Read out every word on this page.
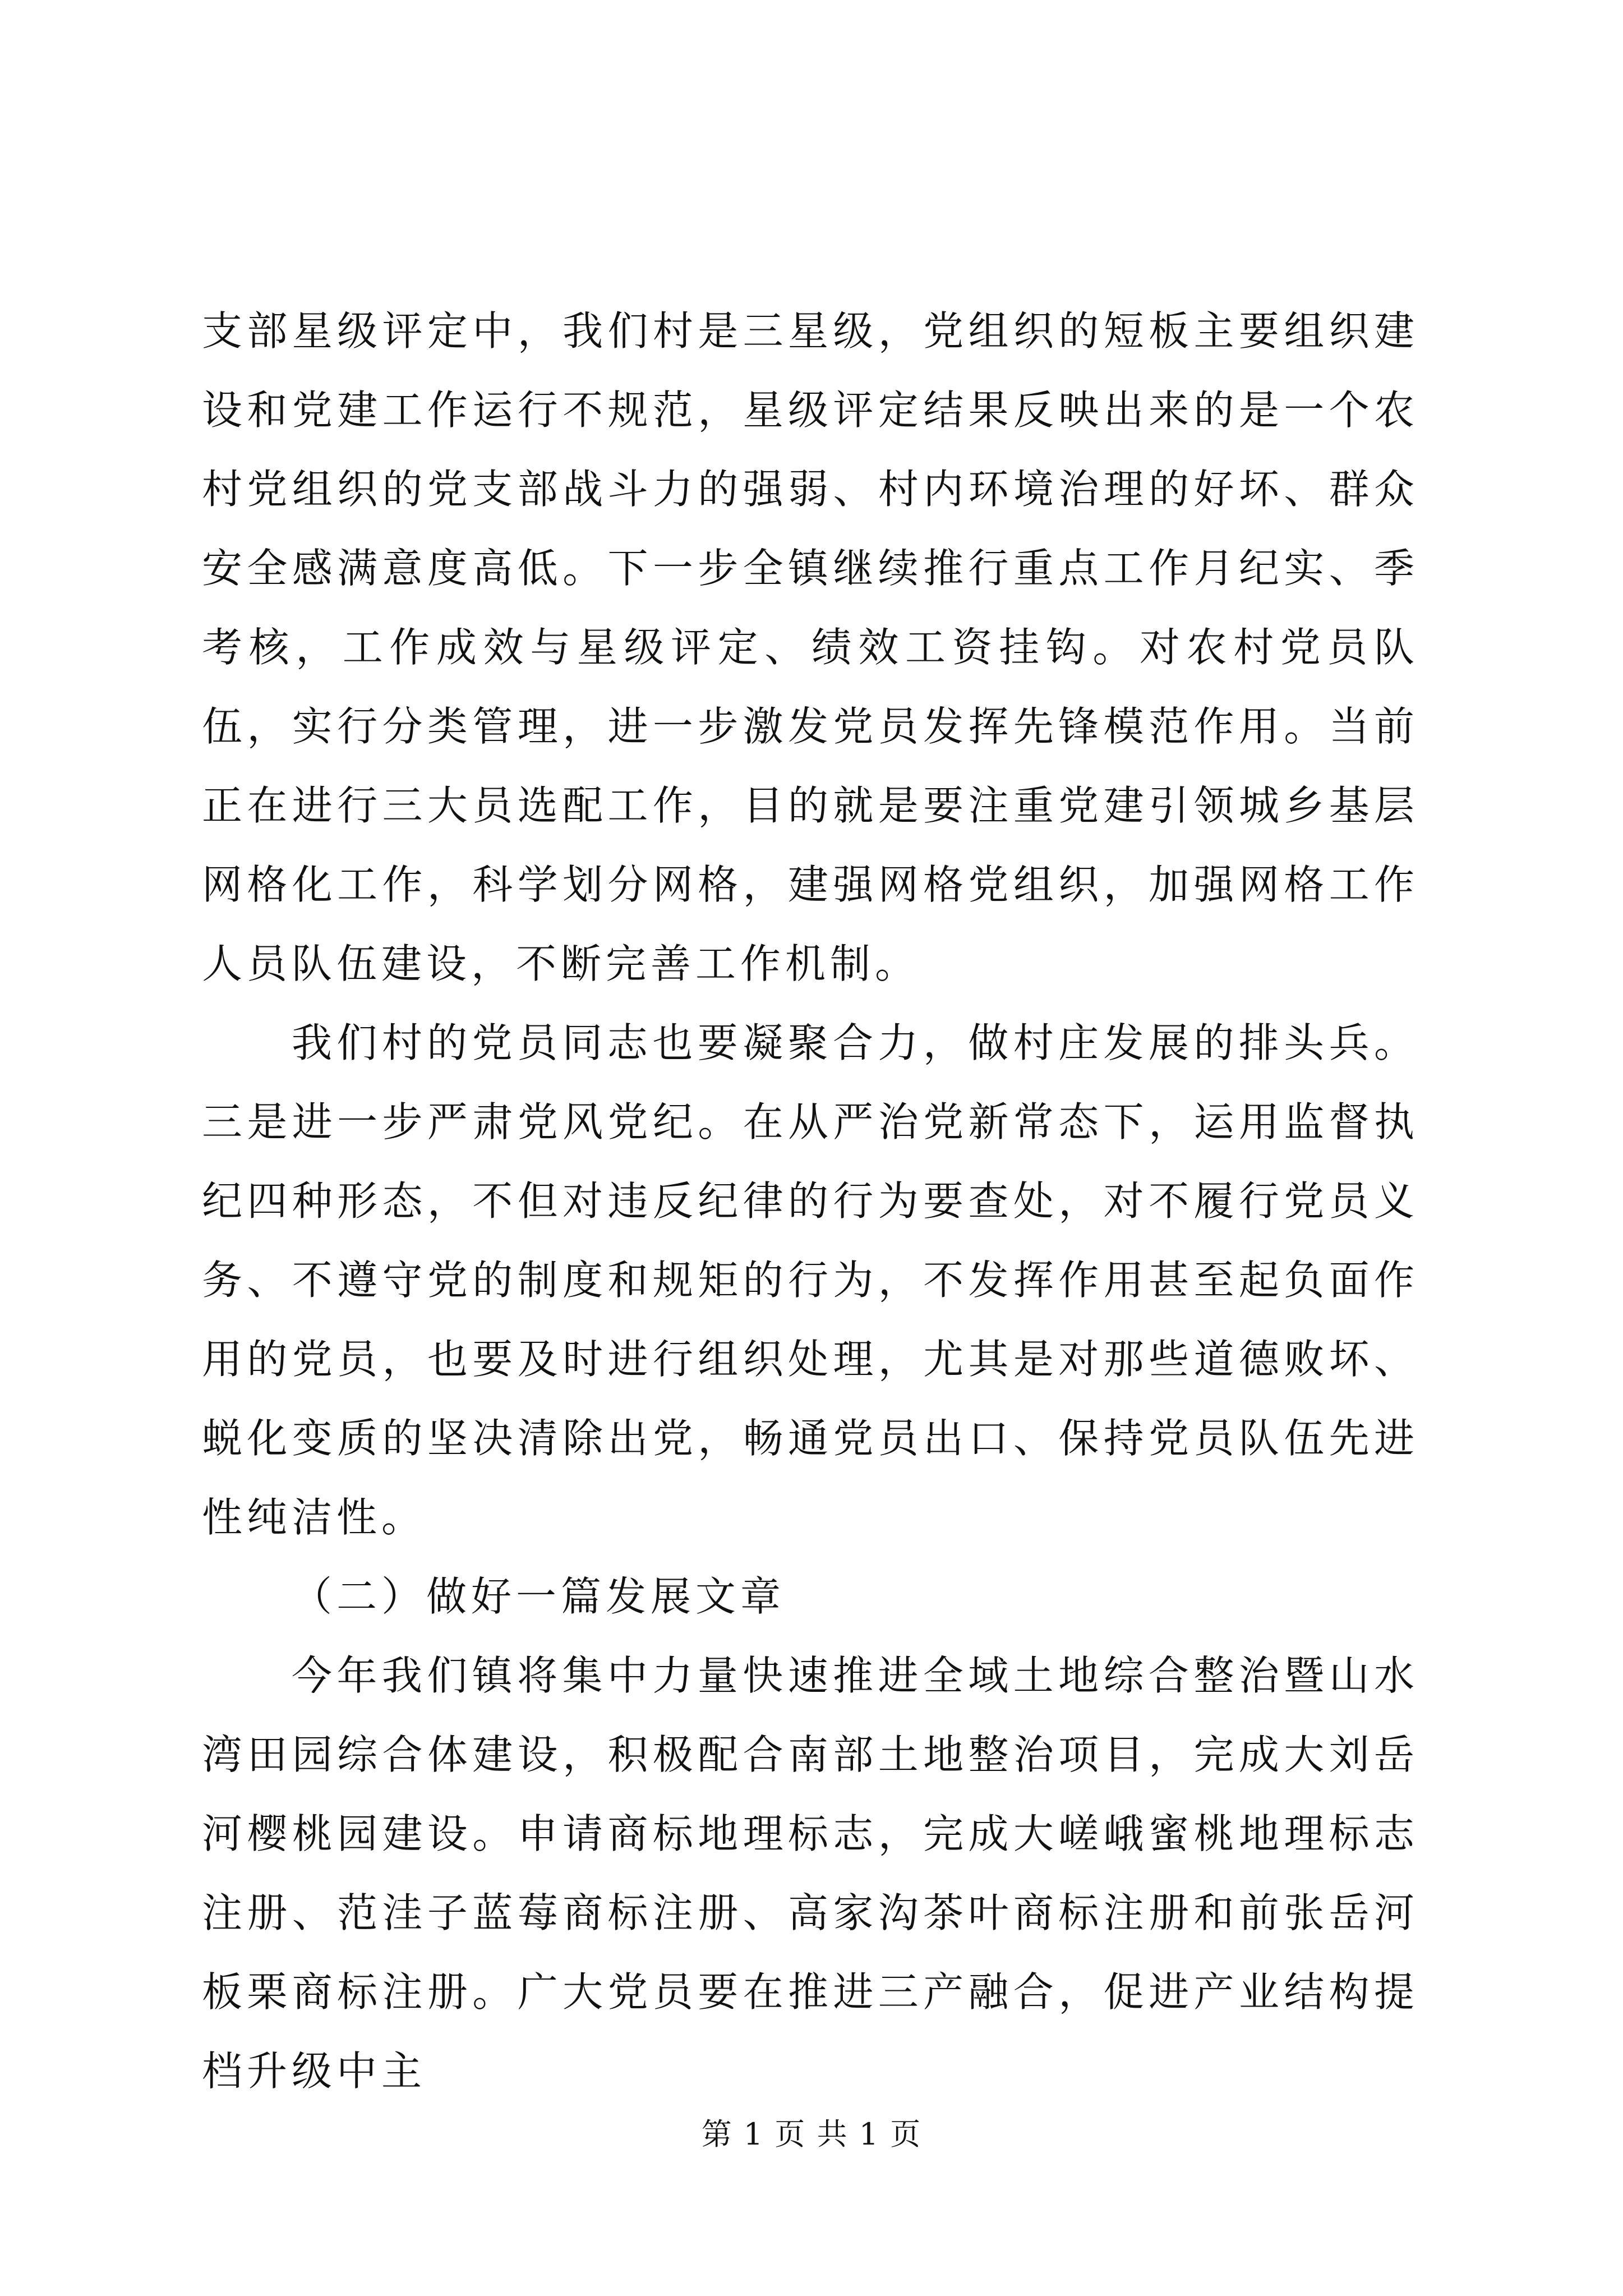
支部星级评定中，我们村是三星级，党组织的短板主要组织建设和党建工作运行不规范，星级评定结果反映出来的是一个农村党组织的党支部战斗力的强弱、村内环境治理的好坏、群众安全感满意度高低。下一步全镇继续推行重点工作月纪实、季考核，工作成效与星级评定、绩效工资挂钩。对农村党员队伍，实行分类管理，进一步激发党员发挥先锋模范作用。当前正在进行三大员选配工作，目的就是要注重党建引领城乡基层网格化工作，科学划分网格，建强网格党组织，加强网格工作人员队伍建设，不断完善工作机制。

我们村的党员同志也要凝聚合力，做村庄发展的排头兵。三是进一步严肃党风党纪。在从严治党新常态下，运用监督执纪四种形态，不但对违反纪律的行为要查处，对不履行党员义务、不遵守党的制度和规矩的行为，不发挥作用甚至起负面作用的党员，也要及时进行组织处理，尤其是对那些道德败坏、蜕化变质的坚决清除出党，畅通党员出口、保持党员队伍先进性纯洁性。

（二）做好一篇发展文章

今年我们镇将集中力量快速推进全域土地综合整治暨山水湾田园综合体建设，积极配合南部土地整治项目，完成大刘岳河樱桃园建设。申请商标地理标志，完成大嵯峨蜜桃地理标志注册、范洼子蓝莓商标注册、高家沟茶叶商标注册和前张岳河板栗商标注册。广大党员要在推进三产融合，促进产业结构提档升级中主

第 1 页 共 1 页
